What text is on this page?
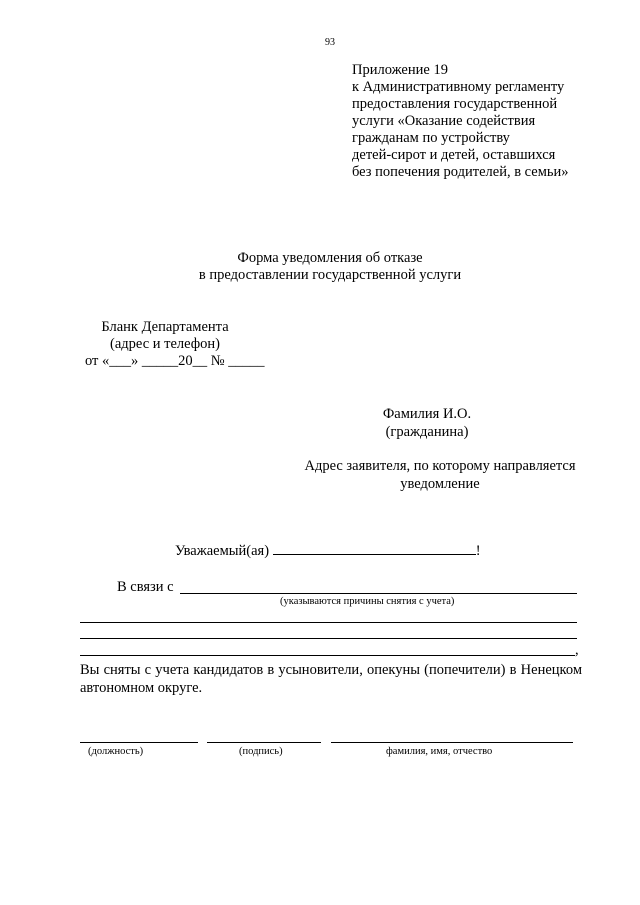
93
Приложение 19
к Административному регламенту
предоставления государственной
услуги «Оказание содействия
гражданам по устройству
детей-сирот и детей, оставшихся
без попечения родителей, в семьи»
Форма уведомления об отказе
в предоставлении государственной услуги
Бланк Департамента
(адрес и телефон)
от «___» _____20__ № _____
Фамилия И.О.
(гражданина)
Адрес заявителя, по которому направляется
уведомление
Уважаемый(ая)	!
В связи с
(указываются причины снятия с учета)
,
Вы сняты с учета кандидатов в усыновители, опекуны (попечители) в Ненецком автономном округе.
(должность)	(подпись)	фамилия, имя, отчество
